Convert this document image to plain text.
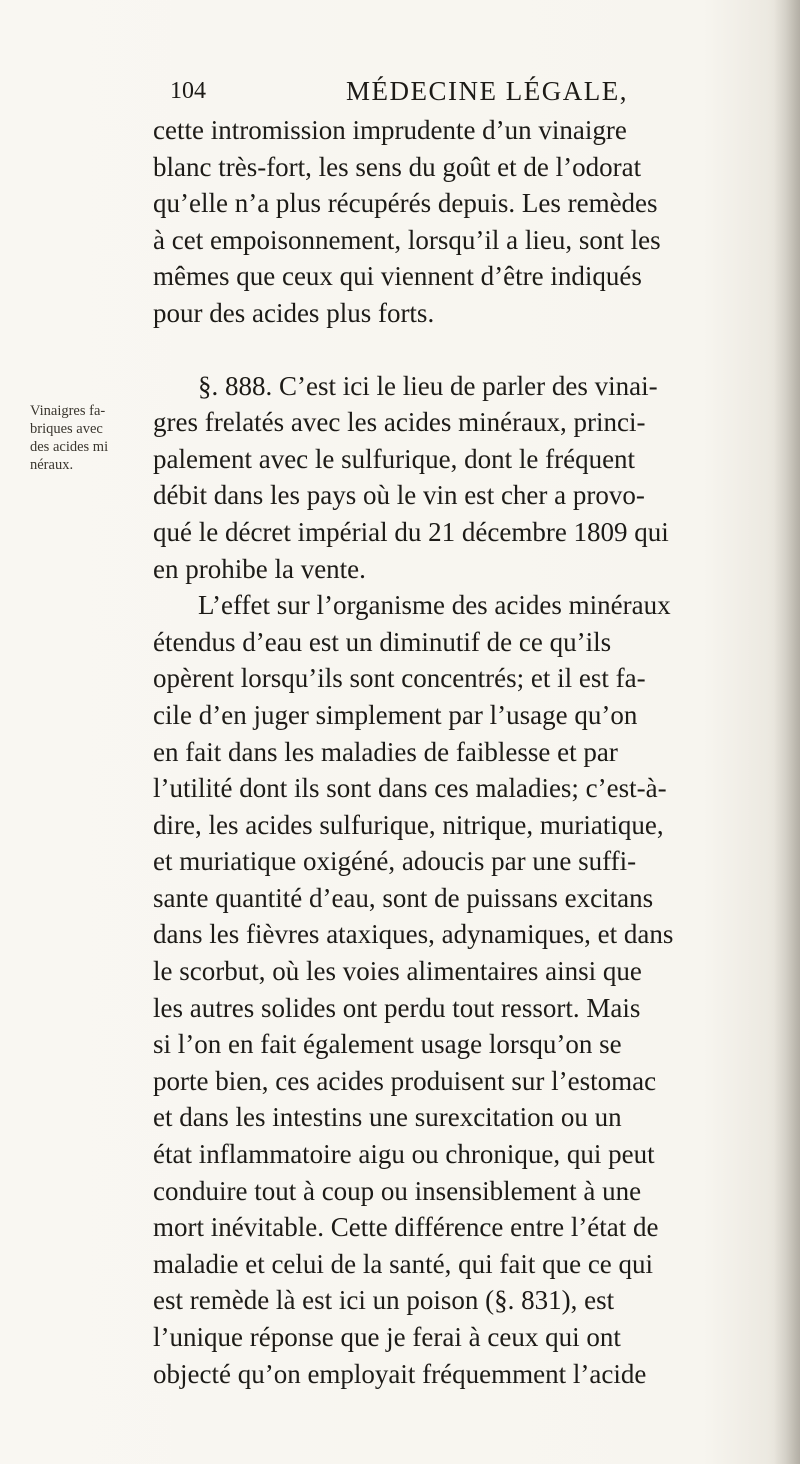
104	MÉDECINE LÉGALE,
Vinaigres fa-
briques avec
des acides mi
néraux.
cette intromission imprudente d’un vinaigre
blanc très-fort, les sens du goût et de l’odorat
qu’elle n’a plus récupérés depuis. Les remèdes
à cet empoisonnement, lorsqu’il a lieu, sont les
mêmes que ceux qui viennent d’être indiqués
pour des acides plus forts.
§. 888. C’est ici le lieu de parler des vinai-
gres frelatés avec les acides minéraux, princi-
palement avec le sulfurique, dont le fréquent
débit dans les pays où le vin est cher a provo-
qué le décret impérial du 21 décembre 1809 qui
en prohibe la vente.
L’effet sur l’organisme des acides minéraux
étendus d’eau est un diminutif de ce qu’ils
opèrent lorsqu’ils sont concentrés; et il est fa-
cile d’en juger simplement par l’usage qu’on
en fait dans les maladies de faiblesse et par
l’utilité dont ils sont dans ces maladies; c’est-à-
dire, les acides sulfurique, nitrique, muriatique,
et muriatique oxigéné, adoucis par une suffi-
sante quantité d’eau, sont de puissans excitans
dans les fièvres ataxiques, adynamiques, et dans
le scorbut, où les voies alimentaires ainsi que
les autres solides ont perdu tout ressort. Mais
si l’on en fait également usage lorsqu’on se
porte bien, ces acides produisent sur l’estomac
et dans les intestins une surexcitation ou un
état inflammatoire aigu ou chronique, qui peut
conduire tout à coup ou insensiblement à une
mort inévitable. Cette différence entre l’état de
maladie et celui de la santé, qui fait que ce qui
est remède là est ici un poison (§. 831), est
l’unique réponse que je ferai à ceux qui ont
objecté qu’on employait fréquemment l’acide
